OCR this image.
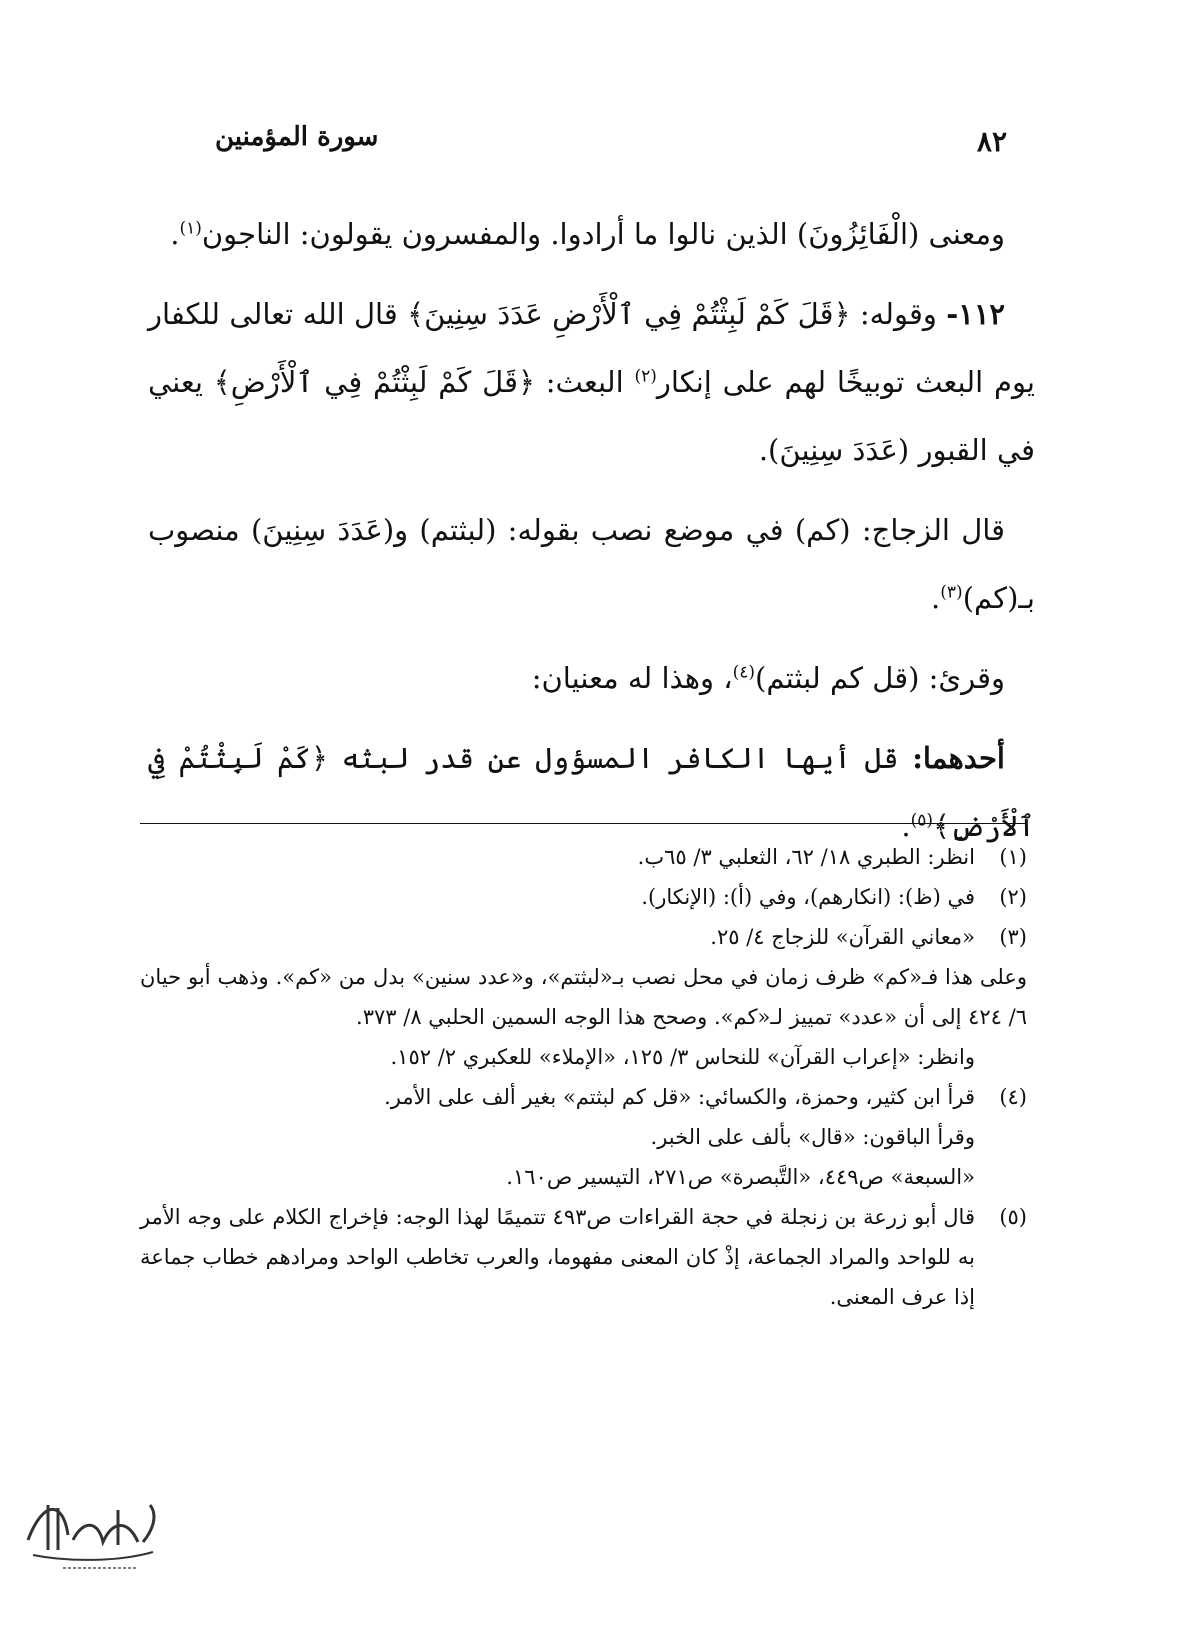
سورة المؤمنين	٨٢

ومعنى (الْفَائِزُونَ) الذين نالوا ما أرادوا. والمفسرون يقولون: الناجون$^{(١)}$.

١١٢- وقوله: ﴿قَلَ كَمْ لَبِثْتُمْ فِي ٱلْأَرْضِ عَدَدَ سِنِينَ﴾ قال الله تعالى للكفار يوم البعث توبيخًا لهم على إنكار$^{(٢)}$ البعث: ﴿قَلَ كَمْ لَبِثْتُمْ فِي ٱلْأَرْضِ﴾ يعني في القبور (عَدَدَ سِنِينَ).

قال الزجاج: (كم) في موضع نصب بقوله: (لبثتم) و(عَدَدَ سِنِينَ) منصوب بـ(كم)$^{(٣)}$.

وقرئ: (قل كم لبثتم)$^{(٤)}$، وهذا له معنيان:

أحدهما: قل أيها الكافر المسؤول عن قدر لبثه ﴿كَمْ لَبِثْتُمْ فِي ٱلْأَرْضِ﴾$^{(٥)}$.

(١)
انظر: الطبري ١٨/ ٦٢، الثعلبي ٣/ ٦٥ب.
(٢)
في (ظ): (انكارهم)، وفي (أ): (الإنكار).
(٣)
«معاني القرآن» للزجاج ٤/ ٢٥.
وعلى هذا فـ«كم» ظرف زمان في محل نصب بـ«لبثتم»، و«عدد سنين» بدل من «كم». وذهب أبو حيان ٦/ ٤٢٤ إلى أن «عدد» تمييز لـ«كم». وصحح هذا الوجه السمين الحلبي ٨/ ٣٧٣.
وانظر: «إعراب القرآن» للنحاس ٣/ ١٢٥، «الإملاء» للعكبري ٢/ ١٥٢.
(٤)
قرأ ابن كثير، وحمزة، والكسائي: «قل كم لبثتم» بغير ألف على الأمر.
وقرأ الباقون: «قال» بألف على الخبر.
«السبعة» ص٤٤٩، «التَّبصرة» ص٢٧١، التيسير ص١٦٠.
(٥)
قال أبو زرعة بن زنجلة في حجة القراءات ص٤٩٣ تتميمًا لهذا الوجه: فإخراج الكلام على وجه الأمر به للواحد والمراد الجماعة، إذْ كان المعنى مفهوما، والعرب تخاطب الواحد ومرادهم خطاب جماعة إذا عرف المعنى.
